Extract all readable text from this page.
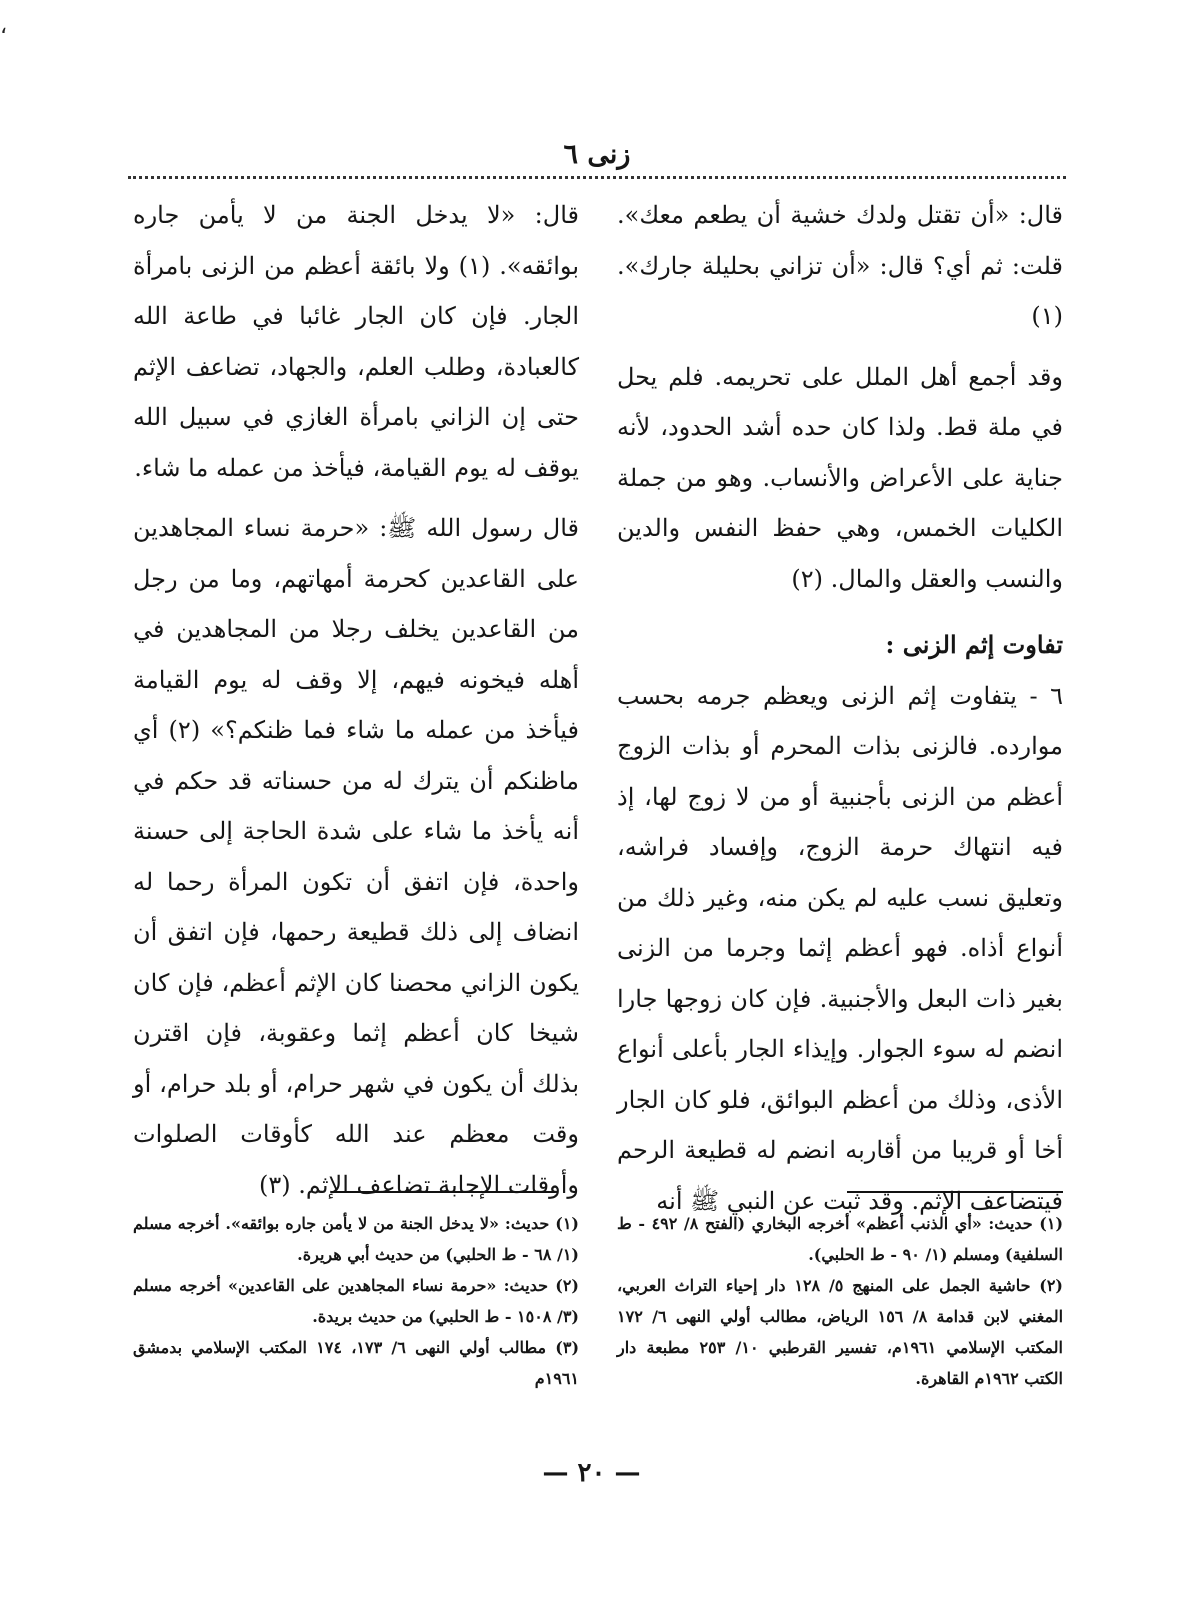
،
زنى ٦

قال: «أن تقتل ولدك خشية أن يطعم معك». قلت: ثم أي؟ قال: «أن تزاني بحليلة جارك». (١)

وقد أجمع أهل الملل على تحريمه. فلم يحل في ملة قط. ولذا كان حده أشد الحدود، لأنه جناية على الأعراض والأنساب. وهو من جملة الكليات الخمس، وهي حفظ النفس والدين والنسب والعقل والمال. (٢)

تفاوت إثم الزنى :

٦ - يتفاوت إثم الزنى ويعظم جرمه بحسب موارده. فالزنى بذات المحرم أو بذات الزوج أعظم من الزنى بأجنبية أو من لا زوج لها، إذ فيه انتهاك حرمة الزوج، وإفساد فراشه، وتعليق نسب عليه لم يكن منه، وغير ذلك من أنواع أذاه. فهو أعظم إثما وجرما من الزنى بغير ذات البعل والأجنبية. فإن كان زوجها جارا انضم له سوء الجوار. وإيذاء الجار بأعلى أنواع الأذى، وذلك من أعظم البوائق، فلو كان الجار أخا أو قريبا من أقاربه انضم له قطيعة الرحم فيتضاعف الإثم. وقد ثبت عن النبي ﷺ أنه

قال: «لا يدخل الجنة من لا يأمن جاره بوائقه». (١) ولا بائقة أعظم من الزنى بامرأة الجار. فإن كان الجار غائبا في طاعة الله كالعبادة، وطلب العلم، والجهاد، تضاعف الإثم حتى إن الزاني بامرأة الغازي في سبيل الله يوقف له يوم القيامة، فيأخذ من عمله ما شاء.

قال رسول الله ﷺ: «حرمة نساء المجاهدين على القاعدين كحرمة أمهاتهم، وما من رجل من القاعدين يخلف رجلا من المجاهدين في أهله فيخونه فيهم، إلا وقف له يوم القيامة فيأخذ من عمله ما شاء فما ظنكم؟» (٢) أي ماظنكم أن يترك له من حسناته قد حكم في أنه يأخذ ما شاء على شدة الحاجة إلى حسنة واحدة، فإن اتفق أن تكون المرأة رحما له انضاف إلى ذلك قطيعة رحمها، فإن اتفق أن يكون الزاني محصنا كان الإثم أعظم، فإن كان شيخا كان أعظم إثما وعقوبة، فإن اقترن بذلك أن يكون في شهر حرام، أو بلد حرام، أو وقت معظم عند الله كأوقات الصلوات وأوقات الإجابة تضاعف الإثم. (٣)

(١) حديث: «أي الذنب أعظم» أخرجه البخاري (الفتح ٨/ ٤٩٢ - ط السلفية) ومسلم (١/ ٩٠ - ط الحلبي).
(٢) حاشية الجمل على المنهج ٥/ ١٢٨ دار إحياء التراث العربي، المغني لابن قدامة ٨/ ١٥٦ الرياض، مطالب أولي النهى ٦/ ١٧٢ المكتب الإسلامي ١٩٦١م، تفسير القرطبي ١٠/ ٢٥٣ مطبعة دار الكتب ١٩٦٢م القاهرة.
(١) حديث: «لا يدخل الجنة من لا يأمن جاره بوائقه». أخرجه مسلم (١/ ٦٨ - ط الحلبي) من حديث أبي هريرة.
(٢) حديث: «حرمة نساء المجاهدين على القاعدين» أخرجه مسلم (٣/ ١٥٠٨ - ط الحلبي) من حديث بريدة.
(٣) مطالب أولي النهى ٦/ ١٧٣، ١٧٤ المكتب الإسلامي بدمشق ١٩٦١م
— ٢٠ —
